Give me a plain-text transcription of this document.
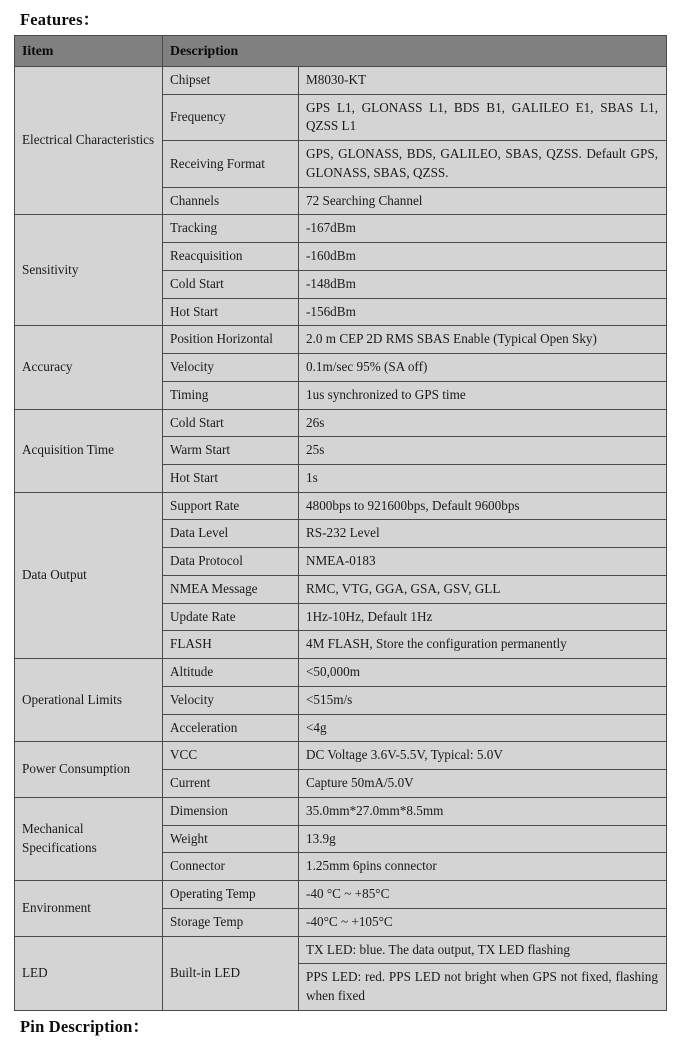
Features：
Iitem	Description	
Electrical Characteristics	Chipset	M8030-KT
	Frequency	GPS L1, GLONASS L1, BDS B1, GALILEO E1, SBAS L1, QZSS L1
	Receiving Format	GPS, GLONASS, BDS, GALILEO, SBAS, QZSS. Default GPS, GLONASS, SBAS, QZSS.
	Channels	72 Searching Channel
Sensitivity	Tracking	-167dBm
	Reacquisition	-160dBm
	Cold Start	-148dBm
	Hot Start	-156dBm
Accuracy	Position Horizontal	2.0 m CEP 2D RMS SBAS Enable (Typical Open Sky)
	Velocity	0.1m/sec 95% (SA off)
	Timing	1us synchronized to GPS time
Acquisition Time	Cold Start	26s
	Warm Start	25s
	Hot Start	1s
Data Output	Support Rate	4800bps to 921600bps, Default 9600bps
	Data Level	RS-232 Level
	Data Protocol	NMEA-0183
	NMEA Message	RMC, VTG, GGA, GSA, GSV, GLL
	Update Rate	1Hz-10Hz, Default 1Hz
	FLASH	4M FLASH, Store the configuration permanently
Operational Limits	Altitude	<50,000m
	Velocity	<515m/s
	Acceleration	<4g
Power Consumption	VCC	DC Voltage 3.6V-5.5V, Typical: 5.0V
	Current	Capture 50mA/5.0V
Mechanical Specifications	Dimension	35.0mm*27.0mm*8.5mm
	Weight	13.9g
	Connector	1.25mm 6pins connector
Environment	Operating Temp	-40 °C ~ +85°C
	Storage Temp	-40°C ~ +105°C
LED	Built-in LED	TX LED: blue. The data output, TX LED flashing
		PPS LED: red. PPS LED not bright when GPS not fixed, flashing when fixed
Pin Description：
